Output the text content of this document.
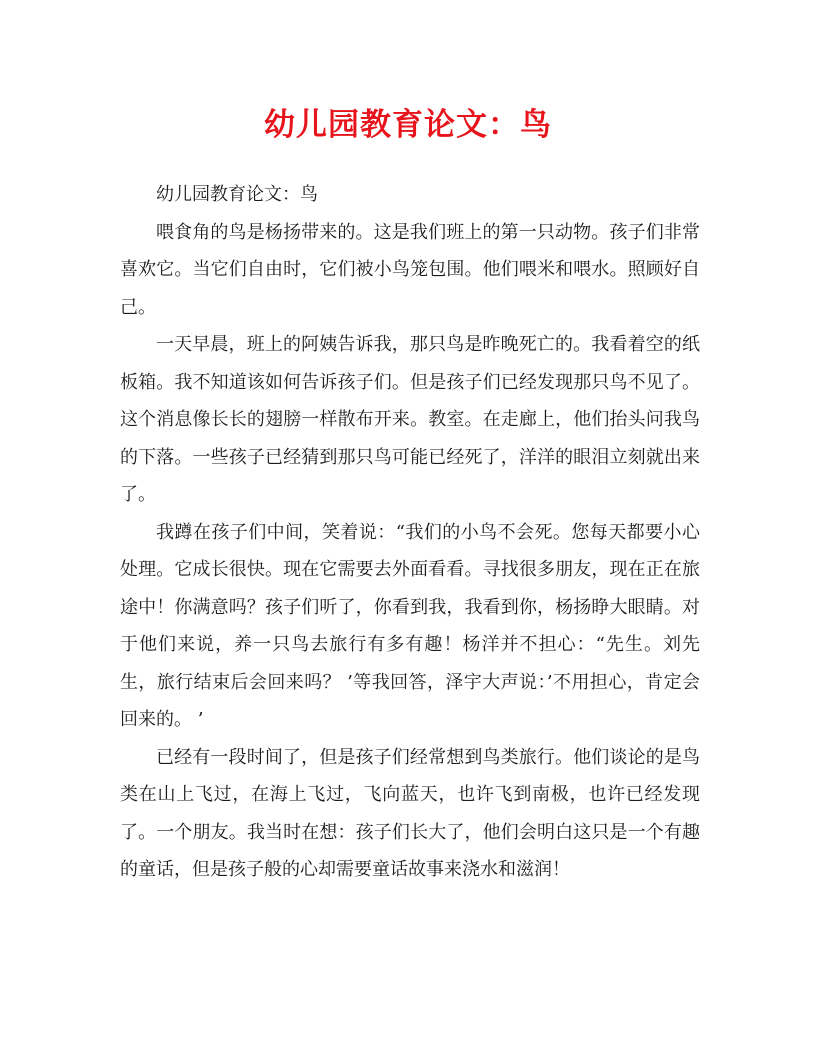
幼儿园教育论文：鸟

幼儿园教育论文：鸟

喂食角的鸟是杨扬带来的。这是我们班上的第一只动物。孩子们非常喜欢它。当它们自由时，它们被小鸟笼包围。他们喂米和喂水。照顾好自己。

一天早晨，班上的阿姨告诉我，那只鸟是昨晚死亡的。我看着空的纸板箱。我不知道该如何告诉孩子们。但是孩子们已经发现那只鸟不见了。这个消息像长长的翅膀一样散布开来。教室。在走廊上，他们抬头问我鸟的下落。一些孩子已经猜到那只鸟可能已经死了，洋洋的眼泪立刻就出来了。

我蹲在孩子们中间，笑着说：“我们的小鸟不会死。您每天都要小心处理。它成长很快。现在它需要去外面看看。寻找很多朋友，现在正在旅途中！你满意吗？孩子们听了，你看到我，我看到你，杨扬睁大眼睛。对于他们来说，养一只鸟去旅行有多有趣！杨洋并不担心：“先生。刘先生，旅行结束后会回来吗？ ’等我回答，泽宇大声说：’不用担心，肯定会回来的。 ’

已经有一段时间了，但是孩子们经常想到鸟类旅行。他们谈论的是鸟类在山上飞过，在海上飞过，飞向蓝天，也许飞到南极，也许已经发现了。一个朋友。我当时在想：孩子们长大了，他们会明白这只是一个有趣的童话，但是孩子般的心却需要童话故事来浇水和滋润！
